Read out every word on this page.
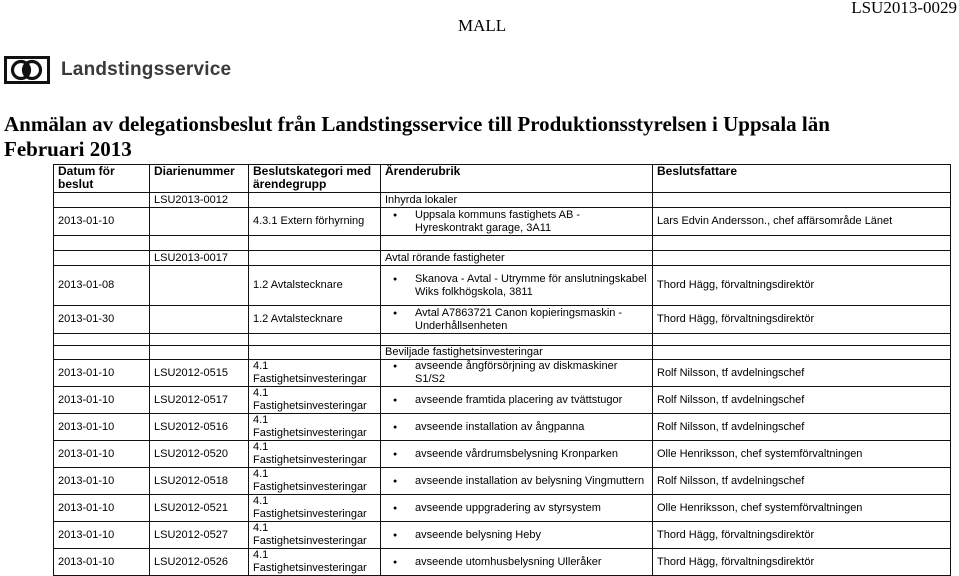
MALL
LSU2013-0029
Landstingsservice
Anmälan av delegationsbeslut från Landstingsservice till Produktionsstyrelsen i Uppsala län
Februari 2013
Datum för beslut	Diarienummer	Beslutskategori med ärendegrupp	Ärenderubrik	Beslutsfattare
	LSU2013-0012		Inhyrda lokaler	
2013-01-10		4.3.1 Extern förhyrning	● Uppsala kommuns fastighets AB - Hyreskontrakt garage, 3A11	Lars Edvin Andersson., chef affärsområde Länet

	LSU2013-0017		Avtal rörande fastigheter	
2013-01-08		1.2 Avtalstecknare	● Skanova - Avtal - Utrymme för anslutningskabel Wiks folkhögskola, 3811	Thord Hägg, förvaltningsdirektör
2013-01-30		1.2 Avtalstecknare	● Avtal A7863721 Canon kopieringsmaskin - Underhållsenheten	Thord Hägg, förvaltningsdirektör

			Beviljade fastighetsinvesteringar	
2013-01-10	LSU2012-0515	4.1 Fastighetsinvesteringar	● avseende ångförsörjning av diskmaskiner S1/S2	Rolf Nilsson, tf avdelningschef
2013-01-10	LSU2012-0517	4.1 Fastighetsinvesteringar	● avseende framtida placering av tvättstugor	Rolf Nilsson, tf avdelningschef
2013-01-10	LSU2012-0516	4.1 Fastighetsinvesteringar	● avseende installation av ångpanna	Rolf Nilsson, tf avdelningschef
2013-01-10	LSU2012-0520	4.1 Fastighetsinvesteringar	● avseende vårdrumsbelysning Kronparken	Olle Henriksson, chef systemförvaltningen
2013-01-10	LSU2012-0518	4.1 Fastighetsinvesteringar	● avseende installation av belysning Vingmuttern	Rolf Nilsson, tf avdelningschef
2013-01-10	LSU2012-0521	4.1 Fastighetsinvesteringar	● avseende uppgradering av styrsystem	Olle Henriksson, chef systemförvaltningen
2013-01-10	LSU2012-0527	4.1 Fastighetsinvesteringar	● avseende belysning Heby	Thord Hägg, förvaltningsdirektör
2013-01-10	LSU2012-0526	4.1 Fastighetsinvesteringar	● avseende utomhusbelysning Ulleråker	Thord Hägg, förvaltningsdirektör
